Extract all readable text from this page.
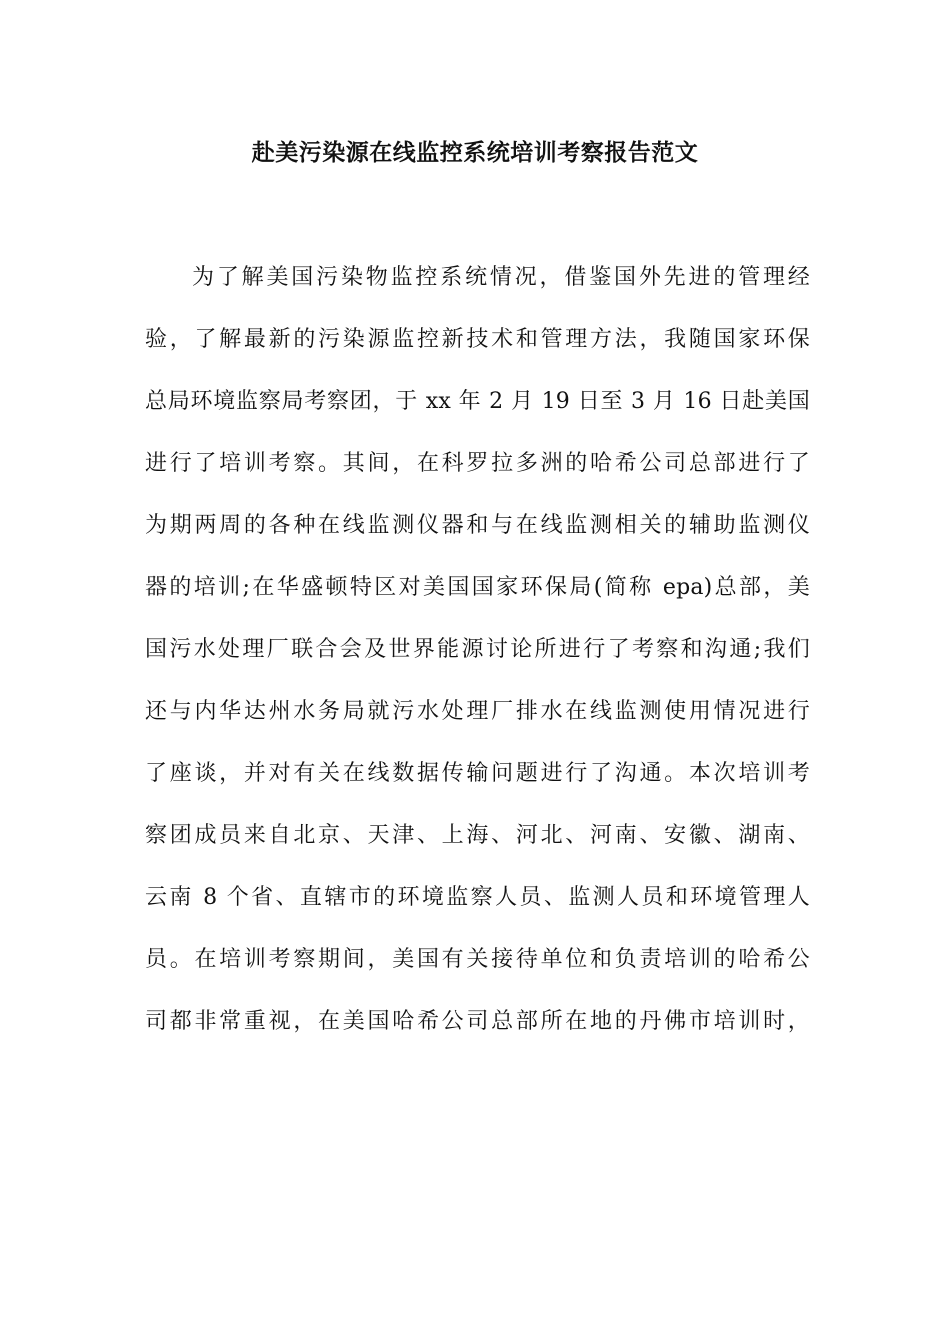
赴美污染源在线监控系统培训考察报告范文
为了解美国污染物监控系统情况，借鉴国外先进的管理经
验，了解最新的污染源监控新技术和管理方法，我随国家环保
总局环境监察局考察团，于 xx 年 2 月 19 日至 3 月 16 日赴美国
进行了培训考察。其间，在科罗拉多洲的哈希公司总部进行了
为期两周的各种在线监测仪器和与在线监测相关的辅助监测仪
器的培训;在华盛顿特区对美国国家环保局(简称 epa)总部，美
国污水处理厂联合会及世界能源讨论所进行了考察和沟通;我们
还与内华达州水务局就污水处理厂排水在线监测使用情况进行
了座谈，并对有关在线数据传输问题进行了沟通。本次培训考
察团成员来自北京、天津、上海、河北、河南、安徽、湖南、
云南 8 个省、直辖市的环境监察人员、监测人员和环境管理人
员。在培训考察期间，美国有关接待单位和负责培训的哈希公
司都非常重视，在美国哈希公司总部所在地的丹佛市培训时，
